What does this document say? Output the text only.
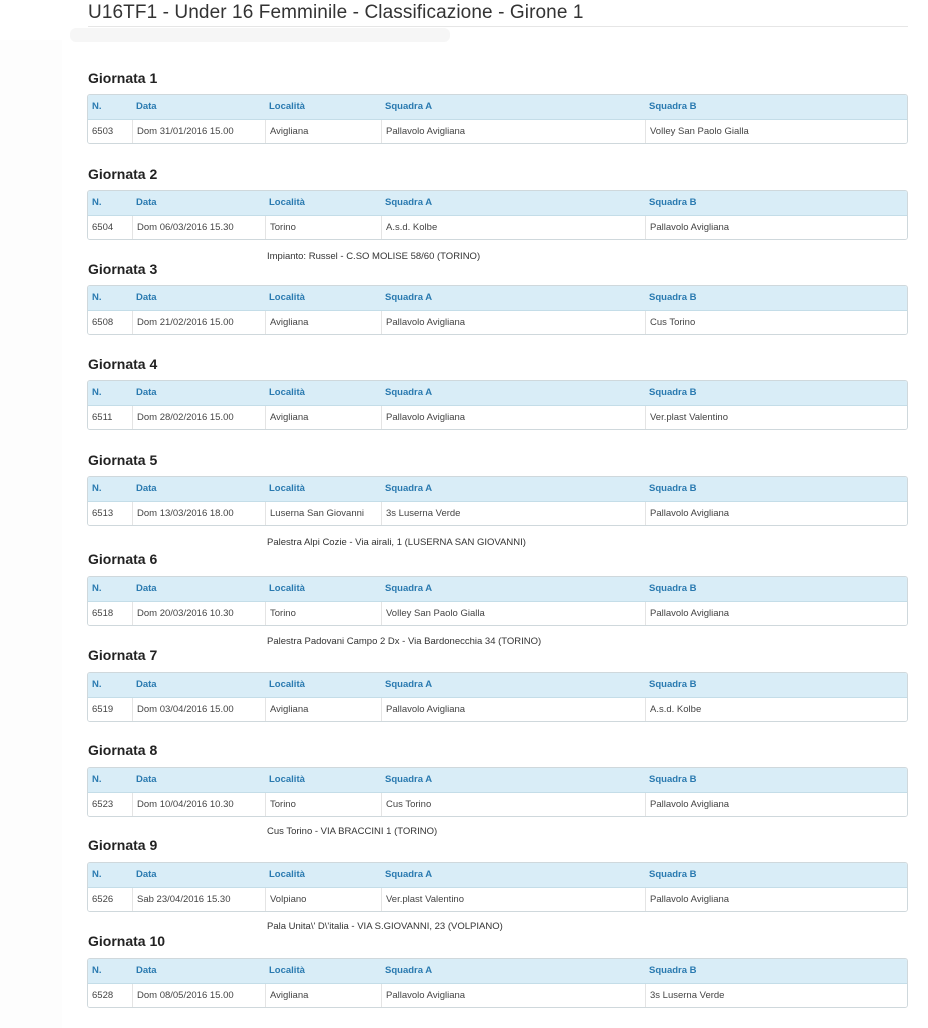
U16TF1 - Under 16 Femminile - Classificazione - Girone 1
Giornata 1
N.	Data	Località	Squadra A	Squadra B
6503	Dom 31/01/2016 15.00	Avigliana	Pallavolo Avigliana	Volley San Paolo Gialla
Giornata 2
N.	Data	Località	Squadra A	Squadra B
6504	Dom 06/03/2016 15.30	Torino	A.s.d. Kolbe	Pallavolo Avigliana
Impianto: Russel - C.SO MOLISE 58/60 (TORINO)
Giornata 3
N.	Data	Località	Squadra A	Squadra B
6508	Dom 21/02/2016 15.00	Avigliana	Pallavolo Avigliana	Cus Torino
Giornata 4
N.	Data	Località	Squadra A	Squadra B
6511	Dom 28/02/2016 15.00	Avigliana	Pallavolo Avigliana	Ver.plast Valentino
Giornata 5
N.	Data	Località	Squadra A	Squadra B
6513	Dom 13/03/2016 18.00	Luserna San Giovanni	3s Luserna Verde	Pallavolo Avigliana
Palestra Alpi Cozie - Via airali, 1 (LUSERNA SAN GIOVANNI)
Giornata 6
N.	Data	Località	Squadra A	Squadra B
6518	Dom 20/03/2016 10.30	Torino	Volley San Paolo Gialla	Pallavolo Avigliana
Palestra Padovani Campo 2 Dx - Via Bardonecchia 34 (TORINO)
Giornata 7
N.	Data	Località	Squadra A	Squadra B
6519	Dom 03/04/2016 15.00	Avigliana	Pallavolo Avigliana	A.s.d. Kolbe
Giornata 8
N.	Data	Località	Squadra A	Squadra B
6523	Dom 10/04/2016 10.30	Torino	Cus Torino	Pallavolo Avigliana
Cus Torino - VIA BRACCINI 1 (TORINO)
Giornata 9
N.	Data	Località	Squadra A	Squadra B
6526	Sab 23/04/2016 15.30	Volpiano	Ver.plast Valentino	Pallavolo Avigliana
Pala Unita\' D\'italia - VIA S.GIOVANNI, 23 (VOLPIANO)
Giornata 10
N.	Data	Località	Squadra A	Squadra B
6528	Dom 08/05/2016 15.00	Avigliana	Pallavolo Avigliana	3s Luserna Verde
